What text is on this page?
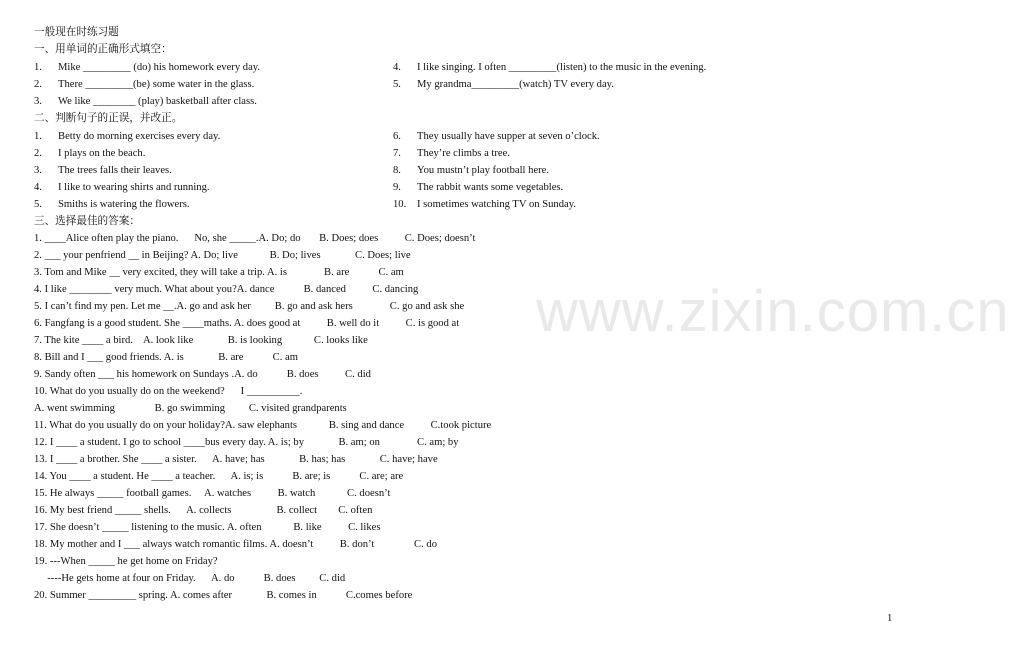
一般现在时练习题
一、用单词的正确形式填空：
1. Mike _________ (do) his homework every day.
2. There _________(be) some water in the glass.
3. We like ________ (play) basketball after class.
4. I like singing. I often _________(listen) to the music in the evening.
5. My grandma_________(watch) TV every day.
二、判断句子的正误，并改正。
1. Betty do morning exercises every day.
2. I plays on the beach.
3. The trees falls their leaves.
4. I like to wearing shirts and running.
5. Smiths is watering the flowers.
6. They usually have supper at seven o’clock.
7. They’re climbs a tree.
8. You mustn’t play football here.
9. The rabbit wants some vegetables.
10. I sometimes watching TV on Sunday.
三、选择最佳的答案：
1. ____Alice often play the piano.      No, she _____.A. Do; do       B. Does; does          C. Does; doesn’t
2. ___ your penfriend __ in Beijing? A. Do; live            B. Do; lives             C. Does; live
3. Tom and Mike __ very excited, they will take a trip. A. is              B. are           C. am
4. I like ________ very much. What about you?A. dance           B. danced          C. dancing
5. I can’t find my pen. Let me __.A. go and ask her         B. go and ask hers              C. go and ask she
6. Fangfang is a good student. She ____maths. A. does good at          B. well do it          C. is good at
7. The kite ____ a bird.    A. look like             B. is looking            C. looks like
8. Bill and I ___ good friends. A. is             B. are           C. am
9. Sandy often ___ his homework on Sundays .A. do           B. does          C. did
10. What do you usually do on the weekend?      I __________.
A. went swimming               B. go swimming         C. visited grandparents
11. What do you usually do on your holiday?A. saw elephants            B. sing and dance          C.took picture
12. I ____ a student. I go to school ____bus every day. A. is; by             B. am; on              C. am; by
13. I ____ a brother. She ____ a sister.      A. have; has             B. has; has             C. have; have
14. You ____ a student. He ____ a teacher.      A. is; is           B. are; is           C. are; are
15. He always _____ football games.     A. watches          B. watch            C. doesn’t
16. My best friend _____ shells.      A. collects                 B. collect        C. often
17. She doesn’t _____ listening to the music. A. often            B. like          C. likes
18. My mother and I ___ always watch romantic films. A. doesn’t          B. don’t               C. do
19. ---When _____ he get home on Friday?
----He gets home at four on Friday.      A. do           B. does         C. did
20. Summer _________ spring. A. comes after             B. comes in           C.comes before
www.zixin.com.cn
1
